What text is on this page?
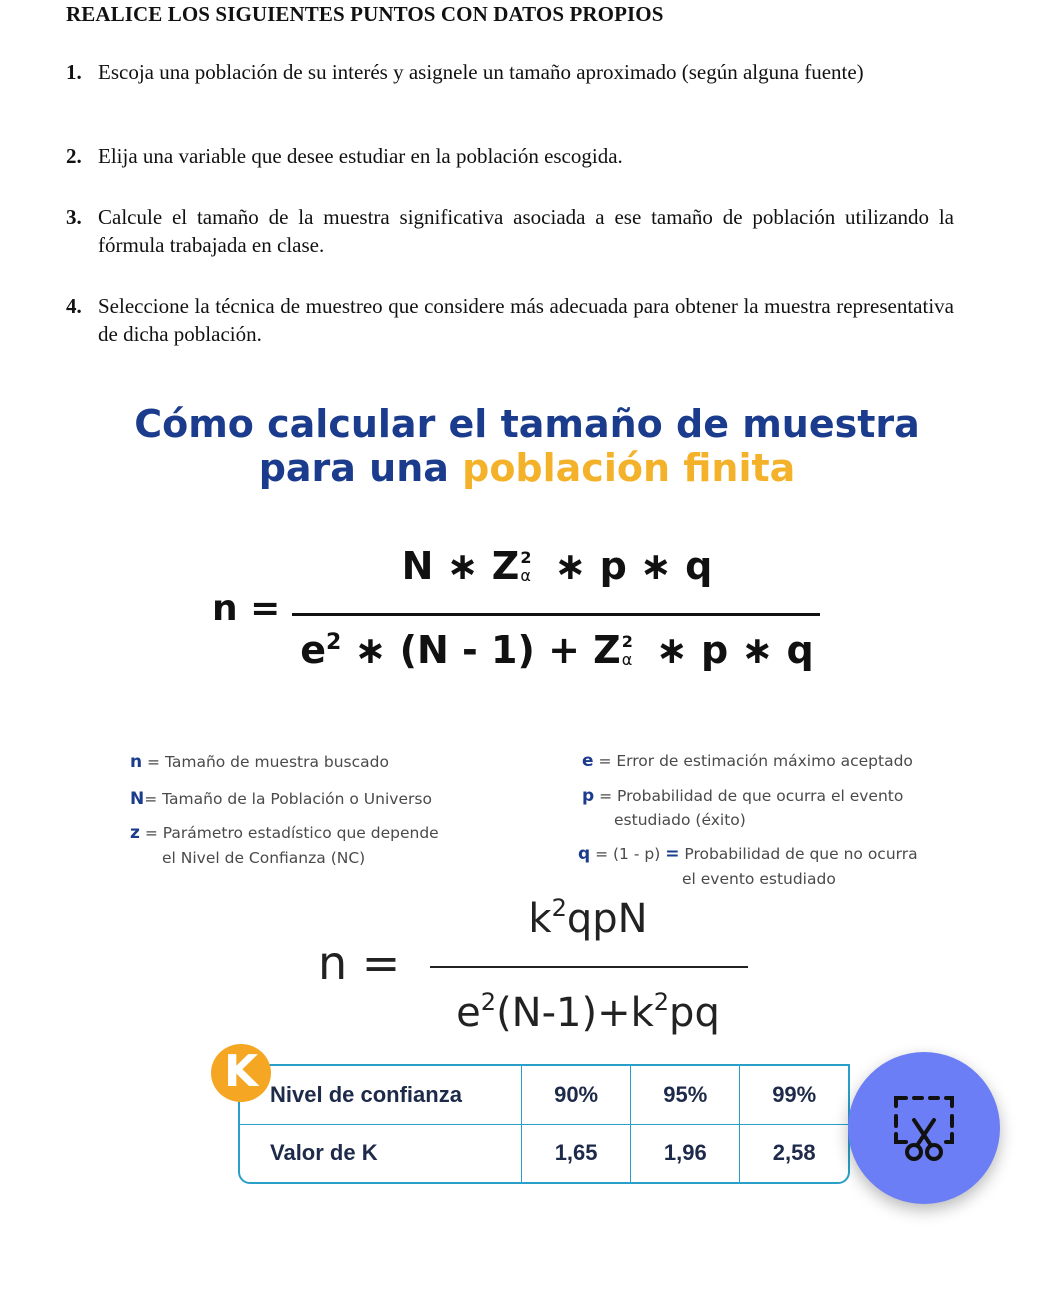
REALICE LOS SIGUIENTES PUNTOS CON DATOS PROPIOS
1. Escoja una población de su interés y asignele un tamaño aproximado (según alguna fuente)
2. Elija una variable que desee estudiar en la población escogida.
3. Calcule el tamaño de la muestra significativa asociada a ese tamaño de población utilizando la fórmula trabajada en clase.
4. Seleccione la técnica de muestreo que considere más adecuada para obtener la muestra representativa de dicha población.
Cómo calcular el tamaño de muestra
para una población finita
n =
N ∗ Z 2
α ∗ p ∗ q
$e^2$ ∗ (N - 1) + Z 2
α ∗ p ∗ q
n = Tamaño de muestra buscado
N= Tamaño de la Población o Universo
z = Parámetro estadístico que depende
el Nivel de Confianza (NC)
e = Error de estimación máximo aceptado
p = Probabilidad de que ocurra el evento
estudiado (éxito)
q = (1 - p) = Probabilidad de que no ocurra
el evento estudiado
n =
$k^2qpN$
$e^2(N-1)+k^2pq$
Nivel de confianza	90%	95%	99%
Valor de K	1,65	1,96	2,58
K
